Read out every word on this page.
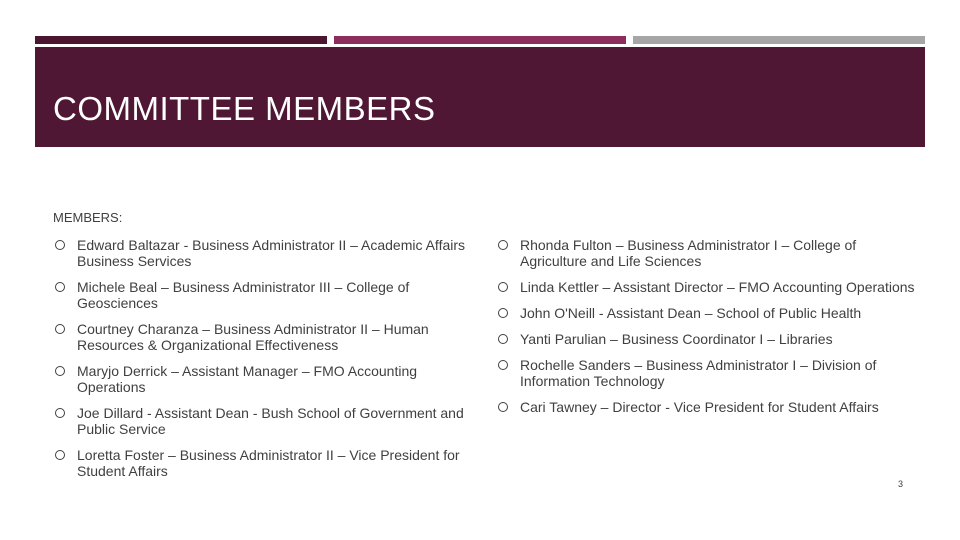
COMMITTEE MEMBERS
MEMBERS:
Edward Baltazar - Business Administrator II – Academic Affairs Business Services
Michele Beal – Business Administrator III – College of Geosciences
Courtney Charanza – Business Administrator II – Human Resources & Organizational Effectiveness
Maryjo Derrick – Assistant Manager – FMO Accounting Operations
Joe Dillard - Assistant Dean - Bush School of Government and Public Service
Loretta Foster – Business Administrator II – Vice President for Student Affairs
Rhonda Fulton – Business Administrator I – College of Agriculture and Life Sciences
Linda Kettler – Assistant Director – FMO Accounting Operations
John O'Neill - Assistant Dean – School of Public Health
Yanti Parulian – Business Coordinator I – Libraries
Rochelle Sanders – Business Administrator I – Division of Information Technology
Cari Tawney – Director - Vice President for Student Affairs
3
